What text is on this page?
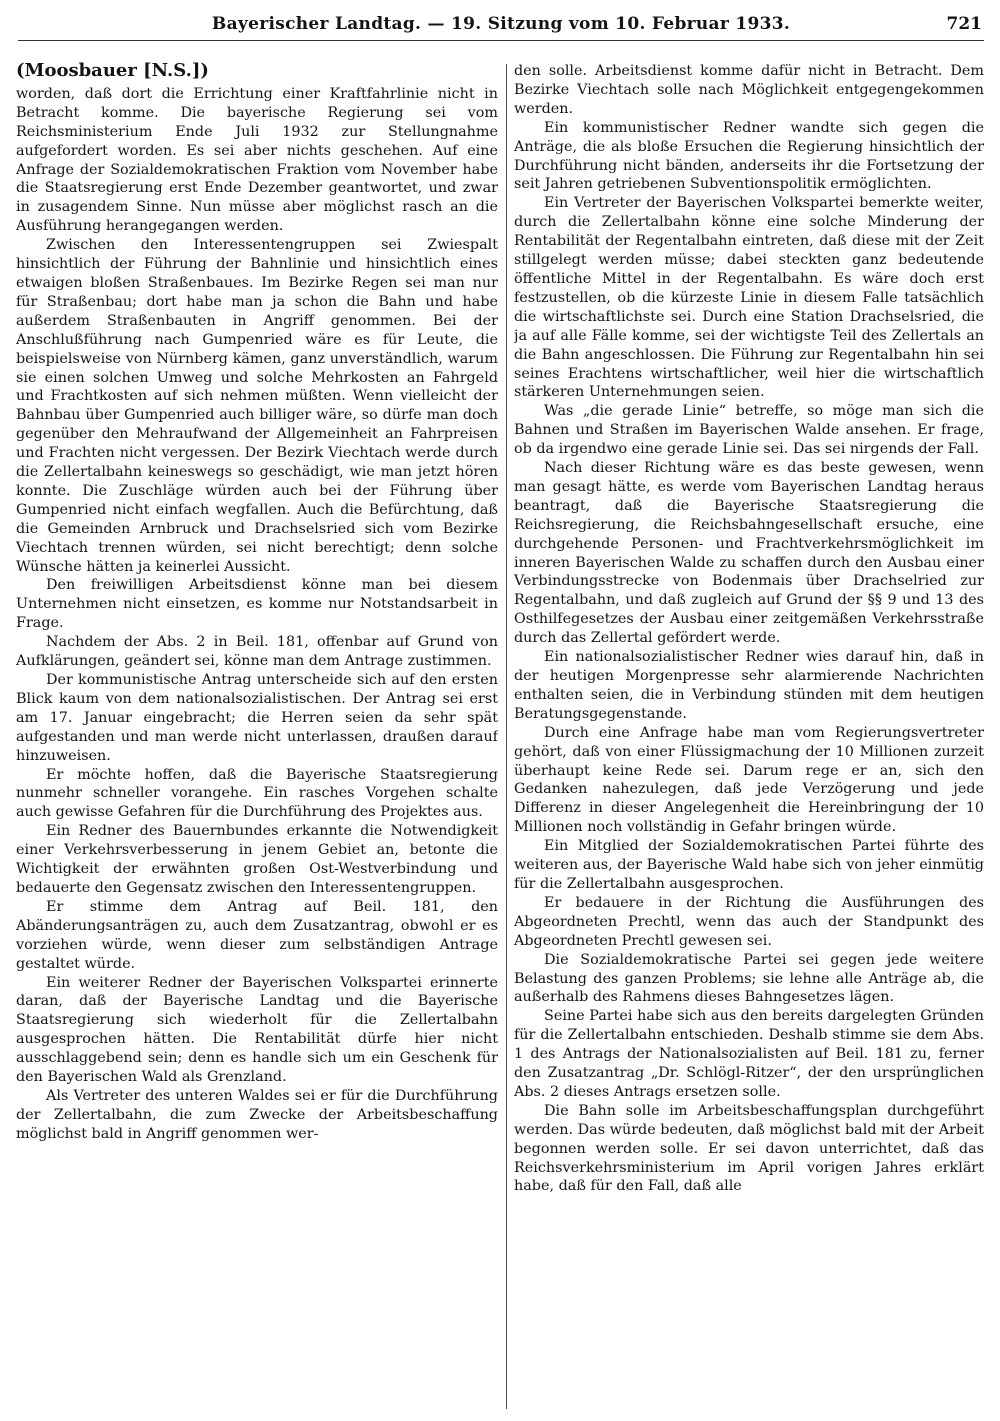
Bayerischer Landtag. — 19. Sitzung vom 10. Februar 1933.	721

(Moosbauer [N.S.])

worden, daß dort die Errichtung einer Kraftfahrlinie nicht in Betracht komme. Die bayerische Regierung sei vom Reichsministerium Ende Juli 1932 zur Stellungnahme aufgefordert worden. Es sei aber nichts geschehen. Auf eine Anfrage der Sozialdemokratischen Fraktion vom November habe die Staatsregierung erst Ende Dezember geantwortet, und zwar in zusagendem Sinne. Nun müsse aber möglichst rasch an die Ausführung herangegangen werden.

Zwischen den Interessentengruppen sei Zwiespalt hinsichtlich der Führung der Bahnlinie und hinsichtlich eines etwaigen bloßen Straßenbaues. Im Bezirke Regen sei man nur für Straßenbau; dort habe man ja schon die Bahn und habe außerdem Straßenbauten in Angriff genommen. Bei der Anschlußführung nach Gumpenried wäre es für Leute, die beispielsweise von Nürnberg kämen, ganz unverständlich, warum sie einen solchen Umweg und solche Mehrkosten an Fahrgeld und Frachtkosten auf sich nehmen müßten. Wenn vielleicht der Bahnbau über Gumpenried auch billiger wäre, so dürfe man doch gegenüber den Mehraufwand der Allgemeinheit an Fahrpreisen und Frachten nicht vergessen. Der Bezirk Viechtach werde durch die Zellertalbahn keineswegs so geschädigt, wie man jetzt hören konnte. Die Zuschläge würden auch bei der Führung über Gumpenried nicht einfach wegfallen. Auch die Befürchtung, daß die Gemeinden Arnbruck und Drachselsried sich vom Bezirke Viechtach trennen würden, sei nicht berechtigt; denn solche Wünsche hätten ja keinerlei Aussicht.

Den freiwilligen Arbeitsdienst könne man bei diesem Unternehmen nicht einsetzen, es komme nur Notstandsarbeit in Frage.

Nachdem der Abs. 2 in Beil. 181, offenbar auf Grund von Aufklärungen, geändert sei, könne man dem Antrage zustimmen.

Der kommunistische Antrag unterscheide sich auf den ersten Blick kaum von dem nationalsozialistischen. Der Antrag sei erst am 17. Januar eingebracht; die Herren seien da sehr spät aufgestanden und man werde nicht unterlassen, draußen darauf hinzuweisen.

Er möchte hoffen, daß die Bayerische Staatsregierung nunmehr schneller vorangehe. Ein rasches Vorgehen schalte auch gewisse Gefahren für die Durchführung des Projektes aus.

Ein Redner des Bauernbundes erkannte die Notwendigkeit einer Verkehrsverbesserung in jenem Gebiet an, betonte die Wichtigkeit der erwähnten großen Ost-Westverbindung und bedauerte den Gegensatz zwischen den Interessentengruppen.

Er stimme dem Antrag auf Beil. 181, den Abänderungsanträgen zu, auch dem Zusatzantrag, obwohl er es vorziehen würde, wenn dieser zum selbständigen Antrage gestaltet würde.

Ein weiterer Redner der Bayerischen Volkspartei erinnerte daran, daß der Bayerische Landtag und die Bayerische Staatsregierung sich wiederholt für die Zellertalbahn ausgesprochen hätten. Die Rentabilität dürfe hier nicht ausschlaggebend sein; denn es handle sich um ein Geschenk für den Bayerischen Wald als Grenzland.

Als Vertreter des unteren Waldes sei er für die Durchführung der Zellertalbahn, die zum Zwecke der Arbeitsbeschaffung möglichst bald in Angriff genommen wer-

den solle. Arbeitsdienst komme dafür nicht in Betracht. Dem Bezirke Viechtach solle nach Möglichkeit entgegengekommen werden.

Ein kommunistischer Redner wandte sich gegen die Anträge, die als bloße Ersuchen die Regierung hinsichtlich der Durchführung nicht bänden, anderseits ihr die Fortsetzung der seit Jahren getriebenen Subventionspolitik ermöglichten.

Ein Vertreter der Bayerischen Volkspartei bemerkte weiter, durch die Zellertalbahn könne eine solche Minderung der Rentabilität der Regentalbahn eintreten, daß diese mit der Zeit stillgelegt werden müsse; dabei steckten ganz bedeutende öffentliche Mittel in der Regentalbahn. Es wäre doch erst festzustellen, ob die kürzeste Linie in diesem Falle tatsächlich die wirtschaftlichste sei. Durch eine Station Drachselsried, die ja auf alle Fälle komme, sei der wichtigste Teil des Zellertals an die Bahn angeschlossen. Die Führung zur Regentalbahn hin sei seines Erachtens wirtschaftlicher, weil hier die wirtschaftlich stärkeren Unternehmungen seien.

Was „die gerade Linie“ betreffe, so möge man sich die Bahnen und Straßen im Bayerischen Walde ansehen. Er frage, ob da irgendwo eine gerade Linie sei. Das sei nirgends der Fall.

Nach dieser Richtung wäre es das beste gewesen, wenn man gesagt hätte, es werde vom Bayerischen Landtag heraus beantragt, daß die Bayerische Staatsregierung die Reichsregierung, die Reichsbahngesellschaft ersuche, eine durchgehende Personen- und Frachtverkehrsmöglichkeit im inneren Bayerischen Walde zu schaffen durch den Ausbau einer Verbindungsstrecke von Bodenmais über Drachselried zur Regentalbahn, und daß zugleich auf Grund der §§ 9 und 13 des Osthilfegesetzes der Ausbau einer zeitgemäßen Verkehrsstraße durch das Zellertal gefördert werde.

Ein nationalsozialistischer Redner wies darauf hin, daß in der heutigen Morgenpresse sehr alarmierende Nachrichten enthalten seien, die in Verbindung stünden mit dem heutigen Beratungsgegenstande.

Durch eine Anfrage habe man vom Regierungsvertreter gehört, daß von einer Flüssigmachung der 10 Millionen zurzeit überhaupt keine Rede sei. Darum rege er an, sich den Gedanken nahezulegen, daß jede Verzögerung und jede Differenz in dieser Angelegenheit die Hereinbringung der 10 Millionen noch vollständig in Gefahr bringen würde.

Ein Mitglied der Sozialdemokratischen Partei führte des weiteren aus, der Bayerische Wald habe sich von jeher einmütig für die Zellertalbahn ausgesprochen.

Er bedauere in der Richtung die Ausführungen des Abgeordneten Prechtl, wenn das auch der Standpunkt des Abgeordneten Prechtl gewesen sei.

Die Sozialdemokratische Partei sei gegen jede weitere Belastung des ganzen Problems; sie lehne alle Anträge ab, die außerhalb des Rahmens dieses Bahngesetzes lägen.

Seine Partei habe sich aus den bereits dargelegten Gründen für die Zellertalbahn entschieden. Deshalb stimme sie dem Abs. 1 des Antrags der Nationalsozialisten auf Beil. 181 zu, ferner den Zusatzantrag „Dr. Schlögl-Ritzer“, der den ursprünglichen Abs. 2 dieses Antrags ersetzen solle.

Die Bahn solle im Arbeitsbeschaffungsplan durchgeführt werden. Das würde bedeuten, daß möglichst bald mit der Arbeit begonnen werden solle. Er sei davon unterrichtet, daß das Reichsverkehrsministerium im April vorigen Jahres erklärt habe, daß für den Fall, daß alle
